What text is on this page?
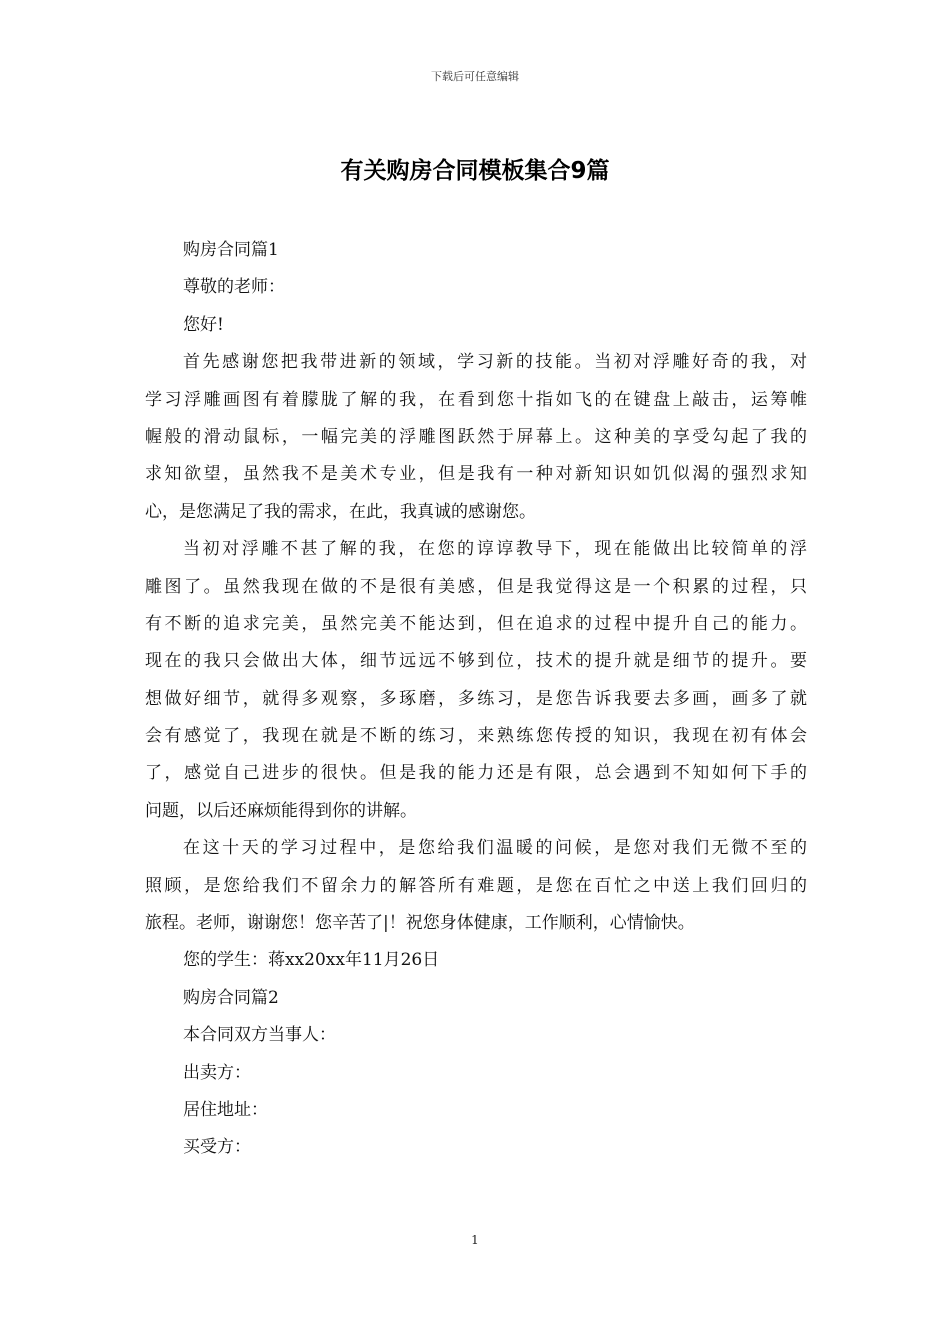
下载后可任意编辑
有关购房合同模板集合9篇
购房合同篇1
尊敬的老师：
您好!
首先感谢您把我带进新的领域，学习新的技能。当初对浮雕好奇的我，对
学习浮雕画图有着朦胧了解的我，在看到您十指如飞的在键盘上敲击，运筹帷
幄般的滑动鼠标，一幅完美的浮雕图跃然于屏幕上。这种美的享受勾起了我的
求知欲望，虽然我不是美术专业，但是我有一种对新知识如饥似渴的强烈求知
心，是您满足了我的需求，在此，我真诚的感谢您。
当初对浮雕不甚了解的我，在您的谆谆教导下，现在能做出比较简单的浮
雕图了。虽然我现在做的不是很有美感，但是我觉得这是一个积累的过程，只
有不断的追求完美，虽然完美不能达到，但在追求的过程中提升自己的能力。
现在的我只会做出大体，细节远远不够到位，技术的提升就是细节的提升。要
想做好细节，就得多观察，多琢磨，多练习，是您告诉我要去多画，画多了就
会有感觉了，我现在就是不断的练习，来熟练您传授的知识，我现在初有体会
了，感觉自己进步的很快。但是我的能力还是有限，总会遇到不知如何下手的
问题，以后还麻烦能得到你的讲解。
在这十天的学习过程中，是您给我们温暖的问候，是您对我们无微不至的
照顾，是您给我们不留余力的解答所有难题，是您在百忙之中送上我们回归的
旅程。老师，谢谢您！您辛苦了|！祝您身体健康，工作顺利，心情愉快。
您的学生：蒋xx20xx年11月26日
购房合同篇2
本合同双方当事人：
出卖方：
居住地址：
买受方：
1
